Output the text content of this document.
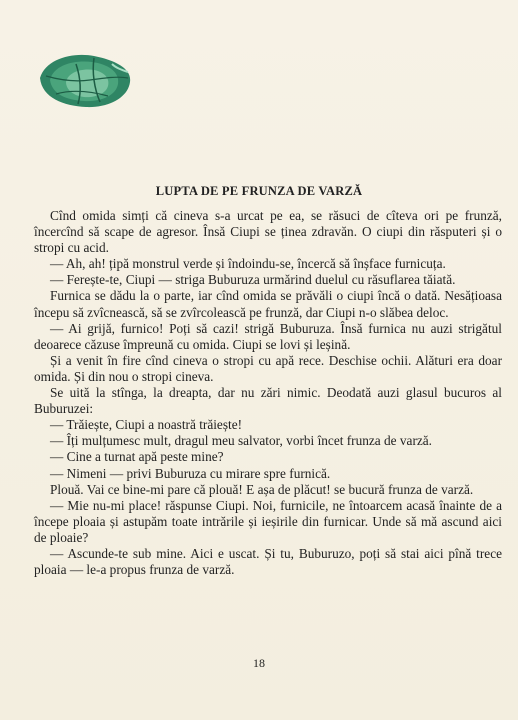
LUPTA DE PE FRUNZA DE VARZĂ

Cînd omida simți că cineva s-a urcat pe ea, se răsuci de cîteva ori pe frunză, încercînd să scape de agresor. Însă Ciupi se ținea zdravăn. O ciupi din răsputeri și o stropi cu acid.

— Ah, ah! țipă monstrul verde și îndoindu-se, încercă să înșface furnicuța.

— Ferește-te, Ciupi — striga Buburuza urmărind duelul cu răsuflarea tăiată.

Furnica se dădu la o parte, iar cînd omida se prăvăli o ciupi încă o dată. Nesățioasa începu să zvîcnească, să se zvîrcolească pe frunză, dar Ciupi n-o slăbea deloc.

— Ai grijă, furnico! Poți să cazi! strigă Buburuza. Însă furnica nu auzi strigătul deoarece căzuse împreună cu omida. Ciupi se lovi și leșină.

Și a venit în fire cînd cineva o stropi cu apă rece. Deschise ochii. Alături era doar omida. Și din nou o stropi cineva.

Se uită la stînga, la dreapta, dar nu zări nimic. Deodată auzi glasul bucuros al Buburuzei:

— Trăiește, Ciupi a noastră trăiește!

— Îți mulțumesc mult, dragul meu salvator, vorbi încet frunza de varză.

— Cine a turnat apă peste mine?

— Nimeni — privi Buburuza cu mirare spre furnică.

Plouă. Vai ce bine-mi pare că plouă! E așa de plăcut! se bucură frunza de varză.

— Mie nu-mi place! răspunse Ciupi. Noi, furnicile, ne întoarcem acasă înainte de a începe ploaia și astupăm toate intrările și ieșirile din furnicar. Unde să mă ascund aici de ploaie?

— Ascunde-te sub mine. Aici e uscat. Și tu, Buburuzo, poți să stai aici pînă trece ploaia — le-a propus frunza de varză.

18
